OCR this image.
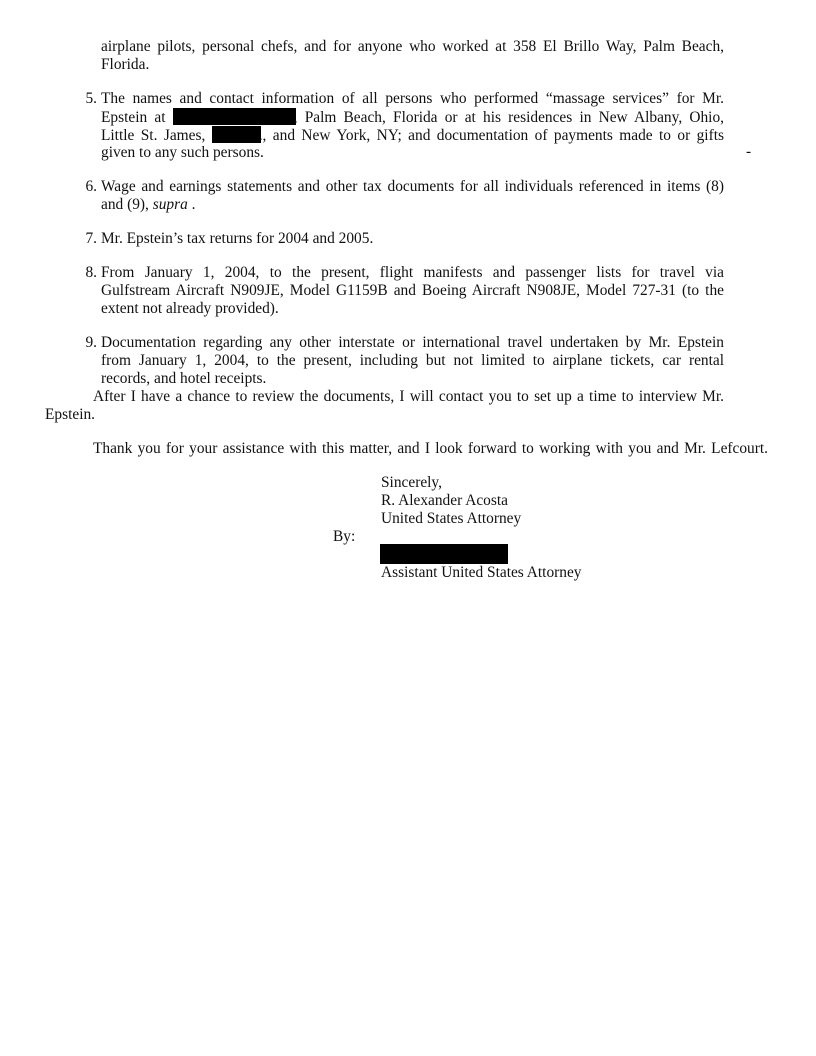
airplane pilots, personal chefs, and for anyone who worked at 358 El Brillo Way, Palm Beach,
Florida.
5. The names and contact information of all persons who performed “massage services” for Mr.
Epstein at	, Palm Beach, Florida or at his residences in New Albany, Ohio,
Little St. James,	., and New York, NY; and documentation of payments made to or gifts
given to any such persons.	-
6. Wage and earnings statements and other tax documents for all individuals referenced in items (8)
and (9), supra .
7. Mr. Epstein’s tax returns for 2004 and 2005.
8. From January 1, 2004, to the present, flight manifests and passenger lists for travel via
Gulfstream Aircraft N909JE, Model G1159B and Boeing Aircraft N908JE, Model 727-31 (to the
extent not already provided).
9. Documentation regarding any other interstate or international travel undertaken by Mr. Epstein
from January 1, 2004, to the present, including but not limited to airplane tickets, car rental
records, and hotel receipts.
After I have a chance to review the documents, I will contact you to set up a time to interview Mr.
Epstein.
Thank you for your assistance with this matter, and I look forward to working with you and Mr. Lefcourt.
Sincerely,
R. Alexander Acosta
United States Attorney
By:
Assistant United States Attorney
